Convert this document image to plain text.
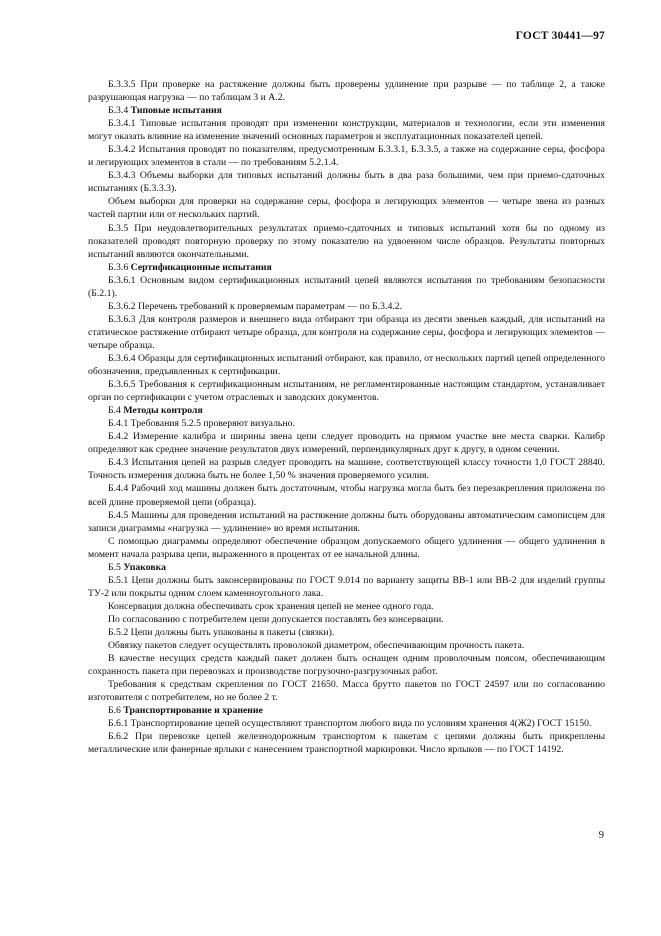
ГОСТ 30441—97

Б.3.3.5 При проверке на растяжение должны быть проверены удлинение при разрыве — по таблице 2, а также разрушающая нагрузка — по таблицам 3 и А.2.

Б.3.4 Типовые испытания

Б.3.4.1 Типовые испытания проводят при изменении конструкции, материалов и технологии, если эти изменения могут оказать влияние на изменение значений основных параметров и эксплуатационных показателей цепей.

Б.3.4.2 Испытания проводят по показателям, предусмотренным Б.3.3.1, Б.3.3.5, а также на содержание серы, фосфора и легирующих элементов в стали — по требованиям 5.2.1.4.

Б.3.4.3 Объемы выборки для типовых испытаний должны быть в два раза большими, чем при приемо-сдаточных испытаниях (Б.3.3.3).

Объем выборки для проверки на содержание серы, фосфора и легирующих элементов — четыре звена из разных частей партии или от нескольких партий.

Б.3.5 При неудовлетворительных результатах приемо-сдаточных и типовых испытаний хотя бы по одному из показателей проводят повторную проверку по этому показателю на удвоенном числе образцов. Результаты повторных испытаний являются окончательными.

Б.3.6 Сертификационные испытания

Б.3.6.1 Основным видом сертификационных испытаний цепей являются испытания по требованиям безопасности (Б.2.1).

Б.3.6.2 Перечень требований к проверяемым параметрам — по Б.3.4.2.

Б.3.6.3 Для контроля размеров и внешнего вида отбирают три образца из десяти звеньев каждый, для испытаний на статическое растяжение отбирают четыре образца, для контроля на содержание серы, фосфора и легирующих элементов — четыре образца.

Б.3.6.4 Образцы для сертификационных испытаний отбирают, как правило, от нескольких партий цепей определенного обозначения, предъявленных к сертификации.

Б.3.6.5 Требования к сертификационным испытаниям, не регламентированные настоящим стандартом, устанавливает орган по сертификации с учетом отраслевых и заводских документов.

Б.4 Методы контроля

Б.4.1 Требования 5.2.5 проверяют визуально.

Б.4.2 Измерение калибра и ширины звена цепи следует проводить на прямом участке вне места сварки. Калибр определяют как среднее значение результатов двух измерений, перпендикулярных друг к другу, в одном сечении.

Б.4.3 Испытания цепей на разрыв следует проводить на машине, соответствующей классу точности 1,0 ГОСТ 28840. Точность измерения должна быть не более 1,50 % значения проверяемого усилия.

Б.4.4 Рабочий ход машины должен быть достаточным, чтобы нагрузка могла быть без перезакрепления приложена по всей длине проверяемой цепи (образца).

Б.4.5 Машины для проведения испытаний на растяжение должны быть оборудованы автоматическим самописцем для записи диаграммы «нагрузка — удлинение» во время испытания.

С помощью диаграммы определяют обеспечение образцом допускаемого общего удлинения — общего удлинения в момент начала разрыва цепи, выраженного в процентах от ее начальной длины.

Б.5 Упаковка

Б.5.1 Цепи должны быть законсервированы по ГОСТ 9.014 по варианту защиты ВВ-1 или ВВ-2 для изделий группы ТУ-2 или покрыты одним слоем каменноугольного лака.

Консервация должна обеспечивать срок хранения цепей не менее одного года.

По согласованию с потребителем цепи допускается поставлять без консервации.

Б.5.2 Цепи должны быть упакованы в пакеты (связки).

Обвязку пакетов следует осуществлять проволокой диаметром, обеспечивающим прочность пакета.

В качестве несущих средств каждый пакет должен быть оснащен одним проволочным поясом, обеспечивающим сохранность пакета при перевозках и производстве погрузочно-разгрузочных работ.

Требования к средствам скрепления по ГОСТ 21650. Масса брутто пакетов по ГОСТ 24597 или по согласованию изготовителя с потребителем, но не более 2 т.

Б.6 Транспортирование и хранение

Б.6.1 Транспортирование цепей осуществляют транспортом любого вида по условиям хранения 4(Ж2) ГОСТ 15150.

Б.6.2 При перевозке цепей железнодорожным транспортом к пакетам с цепями должны быть прикреплены металлические или фанерные ярлыки с нанесением транспортной маркировки. Число ярлыков — по ГОСТ 14192.

9
